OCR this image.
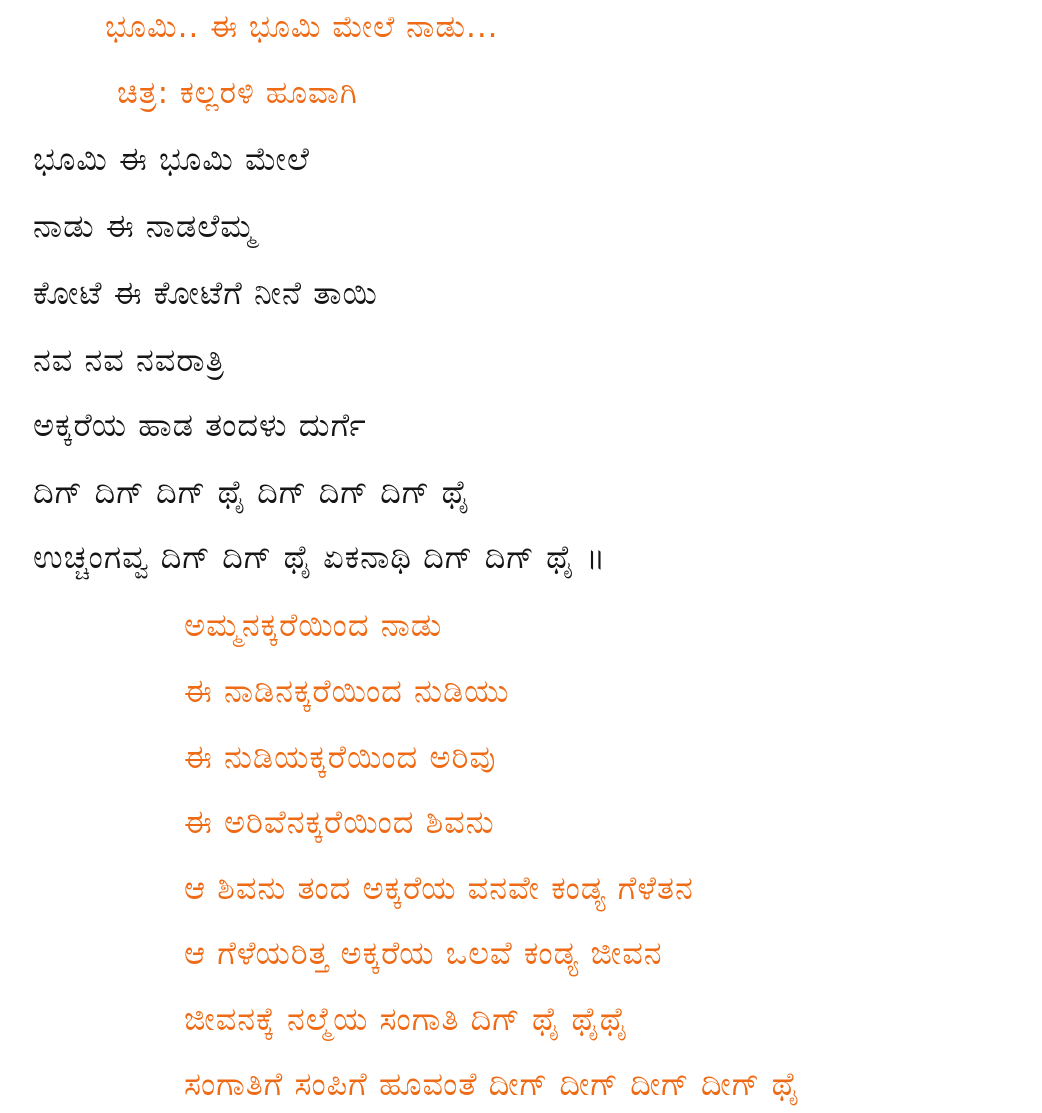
ಭೂಮಿ.. ಈ ಭೂಮಿ ಮೇಲೆ ನಾಡು...
ಚಿತ್ರ: ಕಲ್ಲರಳಿ ಹೂವಾಗಿ
ಭೂಮಿ ಈ ಭೂಮಿ ಮೇಲೆ
ನಾಡು ಈ ನಾಡಲೆಮ್ಮ
ಕೋಟೆ ಈ ಕೋಟೆಗೆ ನೀನೆ ತಾಯಿ
ನವ ನವ ನವರಾತ್ರಿ
ಅಕ್ಕರೆಯ ಹಾಡ ತಂದಳು ದುರ್ಗೆ
ದಿಗ್ ದಿಗ್ ದಿಗ್ ಥೈ ದಿಗ್ ದಿಗ್ ದಿಗ್ ಥೈ
ಉಚ್ಚಂಗವ್ವ ದಿಗ್ ದಿಗ್ ಥೈ ಏಕನಾಥಿ ದಿಗ್ ದಿಗ್ ಥೈ ॥
ಅಮ್ಮನಕ್ಕರೆಯಿಂದ ನಾಡು
ಈ ನಾಡಿನಕ್ಕರೆಯಿಂದ ನುಡಿಯು
ಈ ನುಡಿಯಕ್ಕರೆಯಿಂದ ಅರಿವು
ಈ ಅರಿವೆನಕ್ಕರೆಯಿಂದ ಶಿವನು
ಆ ಶಿವನು ತಂದ ಅಕ್ಕರೆಯ ವನವೇ ಕಂಡ್ಯ ಗೆಳೆತನ
ಆ ಗೆಳೆಯರಿತ್ತ ಅಕ್ಕರೆಯ ಒಲವೆ ಕಂಡ್ಯ ಜೀವನ
ಜೀವನಕ್ಕೆ ನಲ್ಮೆಯ ಸಂಗಾತಿ ದಿಗ್ ಥೈ ಥೈಥೈ
ಸಂಗಾತಿಗೆ ಸಂಪಿಗೆ ಹೂವಂತೆ ದೀಗ್ ದೀಗ್ ದೀಗ್ ದೀಗ್ ಥೈ
